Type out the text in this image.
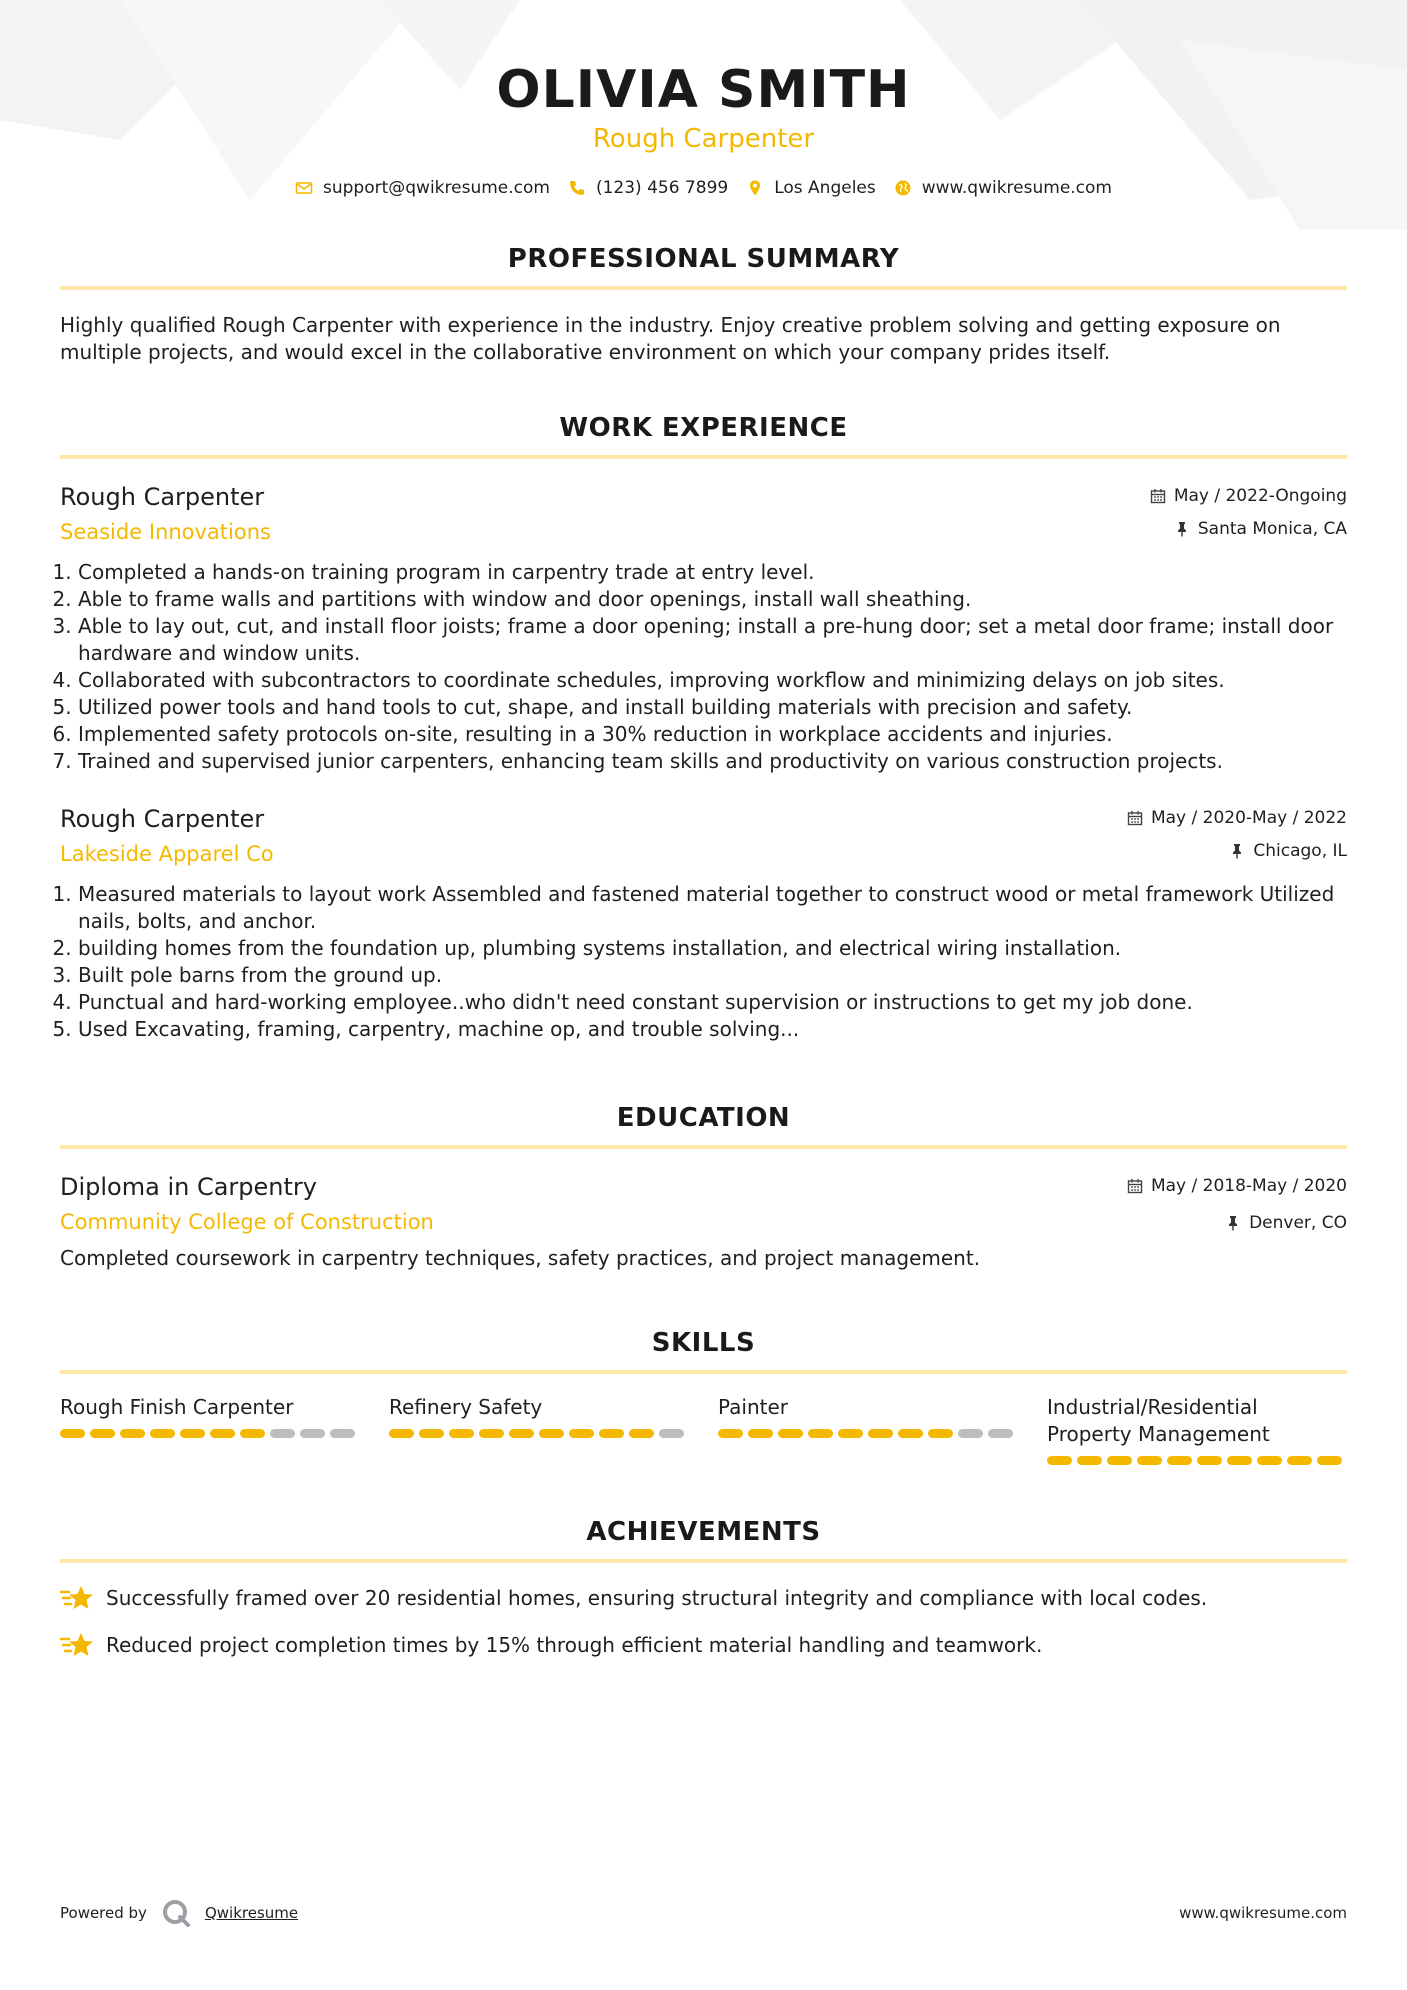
OLIVIA SMITH

Rough Carpenter

support@qwikresume.com	(123) 456 7899	Los Angeles	www.qwikresume.com
PROFESSIONAL SUMMARY
Highly qualified Rough Carpenter with experience in the industry. Enjoy creative problem solving and getting exposure on multiple projects, and would excel in the collaborative environment on which your company prides itself.
WORK EXPERIENCE
Rough Carpenter
Seaside Innovations
May / 2022-Ongoing
Santa Monica, CA
1. Completed a hands-on training program in carpentry trade at entry level.
2. Able to frame walls and partitions with window and door openings, install wall sheathing.
3. Able to lay out, cut, and install floor joists; frame a door opening; install a pre-hung door; set a metal door frame; install door hardware and window units.
4. Collaborated with subcontractors to coordinate schedules, improving workflow and minimizing delays on job sites.
5. Utilized power tools and hand tools to cut, shape, and install building materials with precision and safety.
6. Implemented safety protocols on-site, resulting in a 30% reduction in workplace accidents and injuries.
7. Trained and supervised junior carpenters, enhancing team skills and productivity on various construction projects.
Rough Carpenter
Lakeside Apparel Co
May / 2020-May / 2022
Chicago, IL
1. Measured materials to layout work Assembled and fastened material together to construct wood or metal framework Utilized nails, bolts, and anchor.
2. building homes from the foundation up, plumbing systems installation, and electrical wiring installation.
3. Built pole barns from the ground up.
4. Punctual and hard-working employee..who didn't need constant supervision or instructions to get my job done.
5. Used Excavating, framing, carpentry, machine op, and trouble solving...
EDUCATION
Diploma in Carpentry
Community College of Construction
May / 2018-May / 2020
Denver, CO
Completed coursework in carpentry techniques, safety practices, and project management.
SKILLS
Rough Finish Carpenter	Refinery Safety	Painter	Industrial/Residential Property Management
ACHIEVEMENTS
Successfully framed over 20 residential homes, ensuring structural integrity and compliance with local codes.
Reduced project completion times by 15% through efficient material handling and teamwork.
Powered by	Qwikresume	www.qwikresume.com
